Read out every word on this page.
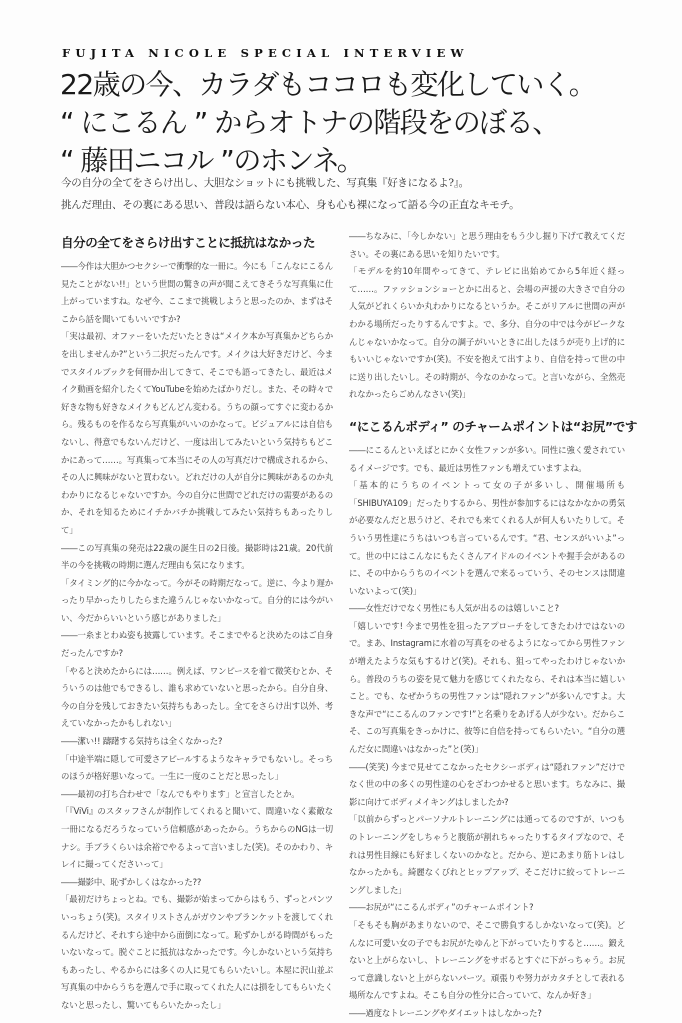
FUJITA NICOLE SPECIAL INTERVIEW
22歳の今、カラダもココロも変化していく。
“ にこるん ” からオトナの階段をのぼる、
“ 藤田ニコル ”のホンネ。
今の自分の全てをさらけ出し、大胆なショットにも挑戦した、写真集『好きになるよ?』。
挑んだ理由、その裏にある思い、普段は語らない本心、身も心も裸になって語る今の正直なキモチ。
自分の全てをさらけ出すことに抵抗はなかった

――今作は大胆かつセクシーで衝撃的な一冊に。今にも「こんなにこるん見たことがない!!」という世間の驚きの声が聞こえてきそうな写真集に仕上がっていますね。なぜ今、ここまで挑戦しようと思ったのか、まずはそこから話を聞いてもいいですか?

「実は最初、オファーをいただいたときは“メイク本か写真集かどちらかを出しませんか?”という二択だったんです。メイクは大好きだけど、今までスタイルブックを何冊か出してきて、そこでも語ってきたし、最近はメイク動画を紹介したくてYouTubeを始めたばかりだし。また、その時々で好きな物も好きなメイクもどんどん変わる。うちの顔ってすぐに変わるから。残るものを作るなら写真集がいいのかなって。ビジュアルには自信もないし、得意でもないんだけど、一度は出してみたいという気持ちもどこかにあって……。写真集って本当にその人の写真だけで構成されるから、その人に興味がないと買わない。どれだけの人が自分に興味があるのか丸わかりになるじゃないですか。今の自分に世間でどれだけの需要があるのか、それを知るためにイチかバチか挑戦してみたい気持ちもあったりして」

――この写真集の発売は22歳の誕生日の2日後。撮影時は21歳。20代前半の今を挑戦の時期に選んだ理由も気になります。

「タイミング的に今かなって。今がその時期だなって。逆に、今より遅かったり早かったりしたらまた違うんじゃないかなって。自分的には今がいい、今だからいいという感じがありました」

――一糸まとわぬ姿も披露しています。そこまでやると決めたのはご自身だったんですか?

「やると決めたからには……。例えば、ワンピースを着て微笑むとか、そういうのは他でもできるし、誰も求めていないと思ったから。自分自身、今の自分を残しておきたい気持ちもあったし。全てをさらけ出す以外、考えていなかったかもしれない」

――潔い!! 躊躇する気持ちは全くなかった?

「中途半端に隠して可愛さアピールするようなキャラでもないし。そっちのほうが格好悪いなって。一生に一度のことだと思ったし」

――最初の打ち合わせで「なんでもやります」と宣言したとか。

「『ViVi』のスタッフさんが制作してくれると聞いて、間違いなく素敵な一冊になるだろうなっていう信頼感があったから。うちからのNGは一切ナシ。手ブラくらいは余裕でやるよって言いました(笑)。そのかわり、キレイに撮ってくださいって」

――撮影中、恥ずかしくはなかった??

「最初だけちょっとね。でも、撮影が始まってからはもう、ずっとパンツいっちょう(笑)。スタイリストさんがガウンやブランケットを渡してくれるんだけど、それすら途中から面倒になって。恥ずかしがる時間がもったいないなって。脱ぐことに抵抗はなかったです。今しかないという気持ちもあったし、やるからには多くの人に見てもらいたいし。本屋に沢山並ぶ写真集の中からうちを選んで手に取ってくれた人には損をしてもらいたくないと思ったし、驚いてもらいたかったし」

――ちなみに、「今しかない」と思う理由をもう少し掘り下げて教えてください。その裏にある思いを知りたいです。

「モデルを約10年間やってきて、テレビに出始めてから5年近く経って……。ファッションショーとかに出ると、会場の声援の大きさで自分の人気がどれくらいか丸わかりになるというか。そこがリアルに世間の声がわかる場所だったりするんですよ。で、多分、自分の中では今がピークなんじゃないかなって。自分の調子がいいときに出したほうが売り上げ的にもいいじゃないですか(笑)。不安を抱えて出すより、自信を持って世の中に送り出したいし。その時期が、今なのかなって。と言いながら、全然売れなかったらごめんなさい(笑)」

“にこるんボディ” のチャームポイントは“お尻”です

――にこるんといえばとにかく女性ファンが多い。同性に強く愛されているイメージです。でも、最近は男性ファンも増えていますよね。

「基本的にうちのイベントって女の子が多いし、開催場所も「SHIBUYA109」だったりするから、男性が参加するにはなかなかの勇気が必要なんだと思うけど、それでも来てくれる人が何人もいたりして。そういう男性達にうちはいつも言っているんです。“君、センスがいいよ”って。世の中にはこんなにもたくさんアイドルのイベントや握手会があるのに、その中からうちのイベントを選んで来るっていう、そのセンスは間違いないよって(笑)」

――女性だけでなく男性にも人気が出るのは嬉しいこと?

「嬉しいです! 今まで男性を狙ったアプローチをしてきたわけではないので。まあ、Instagramに水着の写真をのせるようになってから男性ファンが増えたような気もするけど(笑)。それも、狙ってやったわけじゃないから。普段のうちの姿を見て魅力を感じてくれたなら、それは本当に嬉しいこと。でも、なぜかうちの男性ファンは“隠れファン”が多いんですよ。大きな声で“にこるんのファンです!”と名乗りをあげる人が少ない。だからこそ、この写真集をきっかけに、彼等に自信を持ってもらいたい。“自分の選んだ女に間違いはなかった”と(笑)」

――(笑笑) 今まで見せてこなかったセクシーボディは“隠れファン”だけでなく世の中の多くの男性達の心をざわつかせると思います。ちなみに、撮影に向けてボディメイキングはしましたか?

「以前からずっとパーソナルトレーニングには通ってるのですが、いつものトレーニングをしちゃうと腹筋が割れちゃったりするタイプなので、それは男性目線にも好ましくないのかなと。だから、逆にあまり筋トレはしなかったかも。綺麗なくびれとヒップアップ、そこだけに絞ってトレーニングしました」

――お尻が“にこるんボディ”のチャームポイント?

「そもそも胸があまりないので、そこで勝負するしかないなって(笑)。どんなに可愛い女の子でもお尻がたゆんと下がっていたりすると……。鍛えないと上がらないし、トレーニングをサボるとすぐに下がっちゃう。お尻って意識しないと上がらないパーツ。頑張りや努力がカタチとして表れる場所なんですよね。そこも自分の性分に合っていて、なんか好き」

――過度なトレーニングやダイエットはしなかった?
